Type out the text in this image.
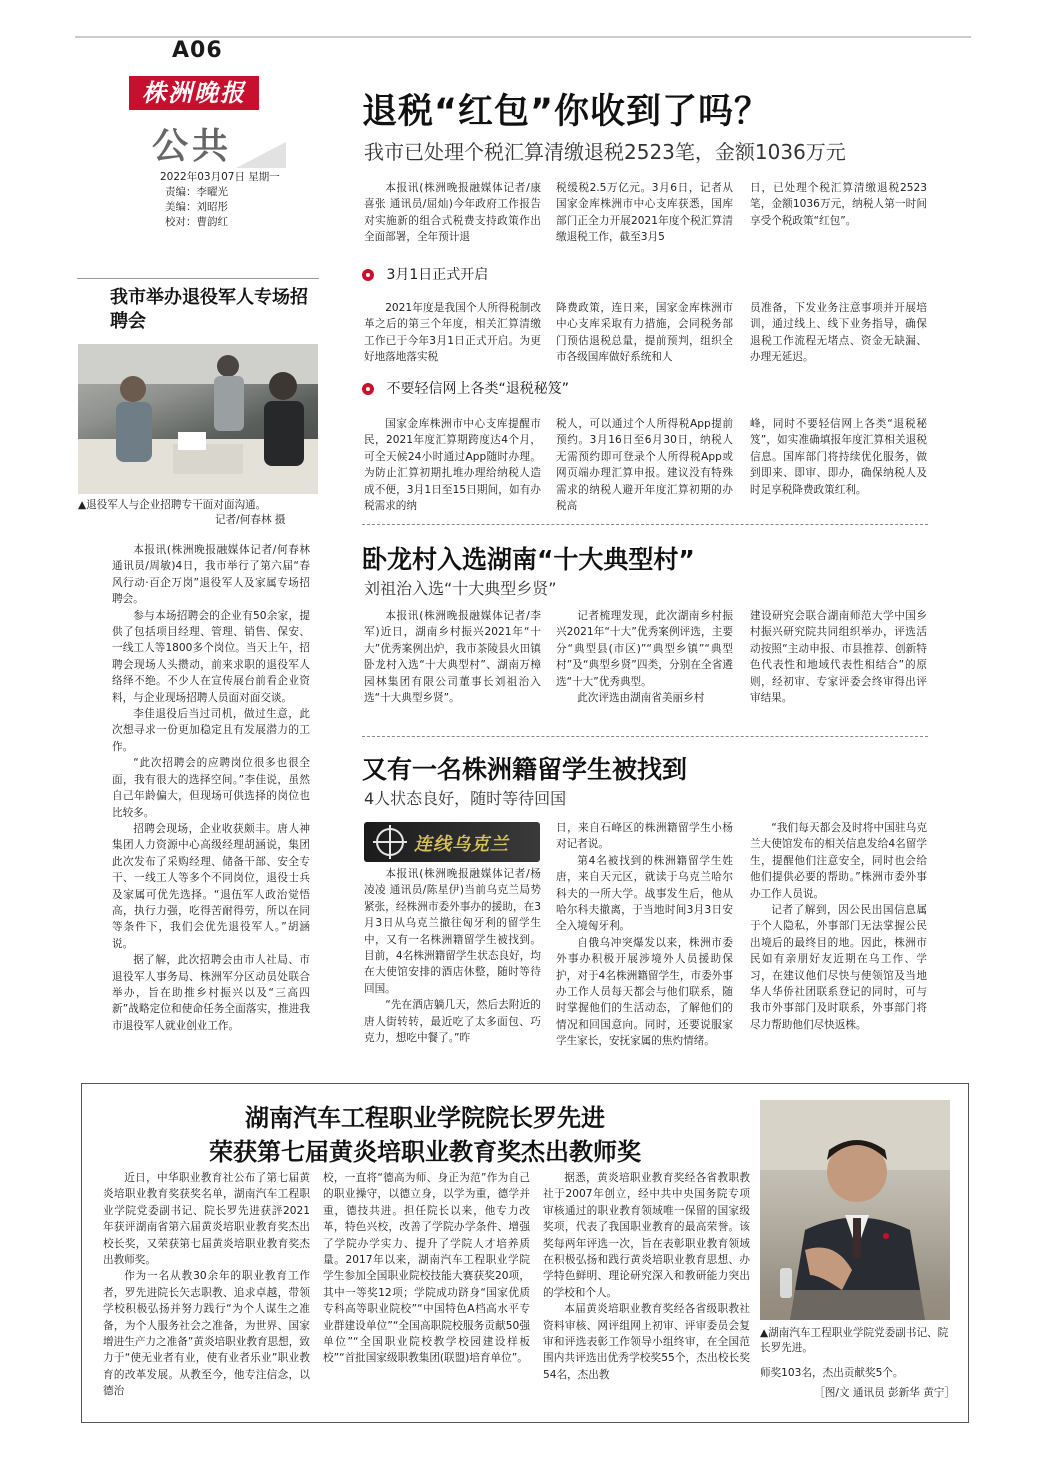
A06
株洲晚报
公共
2022年03月07日 星期一
责编：李曜光
美编：刘昭彤
校对：曹韵红
退税“红包”你收到了吗？
我市已处理个税汇算清缴退税2523笔，金额1036万元
本报讯(株洲晚报融媒体记者/康喜张 通讯员/屈灿)今年政府工作报告对实施新的组合式税费支持政策作出全面部署，全年预计退
税缓税2.5万亿元。3月6日，记者从国家金库株洲市中心支库获悉，国库部门正全力开展2021年度个税汇算清缴退税工作，截至3月5
日，已处理个税汇算清缴退税2523笔，金额1036万元，纳税人第一时间享受个税政策“红包”。
3月1日正式开启
2021年度是我国个人所得税制改革之后的第三个年度，相关汇算清缴工作已于今年3月1日正式开启。为更好地落地落实税
降费政策，连日来，国家金库株洲市中心支库采取有力措施，会同税务部门预估退税总量，提前预判，组织全市各级国库做好系统和人
员准备，下发业务注意事项并开展培训，通过线上、线下业务指导，确保退税工作流程无堵点、资金无缺漏、办理无延迟。
不要轻信网上各类“退税秘笈”
国家金库株洲市中心支库提醒市民，2021年度汇算期跨度达4个月，可全天候24小时通过App随时办理。为防止汇算初期扎堆办理给纳税人造成不便，3月1日至15日期间，如有办税需求的纳
税人，可以通过个人所得税App提前预约。3月16日至6月30日，纳税人无需预约即可登录个人所得税App或网页端办理汇算申报。建议没有特殊需求的纳税人避开年度汇算初期的办税高
峰，同时不要轻信网上各类“退税秘笈”，如实准确填报年度汇算相关退税信息。国库部门将持续优化服务，做到即来、即审、即办，确保纳税人及时足享税降费政策红利。
我市举办退役军人专场招聘会
▲退役军人与企业招聘专干面对面沟通。
记者/何春林 摄
本报讯(株洲晚报融媒体记者/何春林 通讯员/周敏)4日，我市举行了第六届“春风行动·百企万岗”退役军人及家属专场招聘会。
参与本场招聘会的企业有50余家，提供了包括项目经理、管理、销售、保安、一线工人等1800多个岗位。当天上午，招聘会现场人头攒动，前来求职的退役军人络绎不绝。不少人在宣传展台前看企业资料，与企业现场招聘人员面对面交谈。
李佳退役后当过司机，做过生意，此次想寻求一份更加稳定且有发展潜力的工作。
“此次招聘会的应聘岗位很多也很全面，我有很大的选择空间。”李佳说，虽然自己年龄偏大，但现场可供选择的岗位也比较多。
招聘会现场，企业收获颇丰。唐人神集团人力资源中心高级经理胡涵说，集团此次发布了采购经理、储备干部、安全专干、一线工人等多个不同岗位，退役士兵及家属可优先选择。“退伍军人政治觉悟高，执行力强，吃得苦耐得劳，所以在同等条件下，我们会优先退役军人。”胡涵说。
据了解，此次招聘会由市人社局、市退役军人事务局、株洲军分区动员处联合举办，旨在助推乡村振兴以及“三高四新”战略定位和使命任务全面落实，推进我市退役军人就业创业工作。
卧龙村入选湖南“十大典型村”
刘祖治入选“十大典型乡贤”
本报讯(株洲晚报融媒体记者/李军)近日，湖南乡村振兴2021年“十大”优秀案例出炉，我市茶陵县火田镇卧龙村入选“十大典型村”、湖南万樟园林集团有限公司董事长刘祖治入选“十大典型乡贤”。
记者梳理发现，此次湖南乡村振兴2021年“十大”优秀案例评选，主要分“典型县(市区)”“典型乡镇”“典型村”及“典型乡贤”四类，分别在全省遴选“十大”优秀典型。
此次评选由湖南省美丽乡村
建设研究会联合湖南师范大学中国乡村振兴研究院共同组织举办，评选活动按照“主动申报、市县推荐、创新特色代表性和地域代表性相结合”的原则，经初审、专家评委会终审得出评审结果。
又有一名株洲籍留学生被找到
4人状态良好，随时等待回国
连线乌克兰
本报讯(株洲晚报融媒体记者/杨凌凌 通讯员/陈星伊)当前乌克兰局势紧张，经株洲市委外事办的援助，在3月3日从乌克兰撤往匈牙利的留学生中，又有一名株洲籍留学生被找到。目前，4名株洲籍留学生状态良好，均在大使馆安排的酒店休整，随时等待回国。
“先在酒店躺几天，然后去附近的唐人街转转，最近吃了太多面包、巧克力，想吃中餐了。”昨
日，来自石峰区的株洲籍留学生小杨对记者说。
第4名被找到的株洲籍留学生姓唐，来自天元区，就读于乌克兰哈尔科夫的一所大学。战事发生后，他从哈尔科夫撤离，于当地时间3月3日安全入境匈牙利。
自俄乌冲突爆发以来，株洲市委外事办积极开展涉境外人员援助保护，对于4名株洲籍留学生，市委外事办工作人员每天都会与他们联系，随时掌握他们的生活动态，了解他们的情况和回国意向。同时，还要说服家学生家长，安抚家属的焦灼情绪。
“我们每天都会及时将中国驻乌克兰大使馆发布的相关信息发给4名留学生，提醒他们注意安全，同时也会给他们提供必要的帮助。”株洲市委外事办工作人员说。
记者了解到，因公民出国信息属于个人隐私，外事部门无法掌握公民出境后的最终目的地。因此，株洲市民如有亲朋好友近期在乌工作、学习，在建议他们尽快与使领馆及当地华人华侨社团联系登记的同时，可与我市外事部门及时联系，外事部门将尽力帮助他们尽快返株。
湖南汽车工程职业学院院长罗先进
荣获第七届黄炎培职业教育奖杰出教师奖
近日，中华职业教育社公布了第七届黄炎培职业教育奖获奖名单，湖南汽车工程职业学院党委副书记、院长罗先进获評2021年获评湖南省第六届黄炎培职业教育奖杰出校长奖，又荣获第七届黄炎培职业教育奖杰出教师奖。
作为一名从教30余年的职业教育工作者，罗先进院长矢志职教、追求卓越，带领学校积极弘扬并努力践行“为个人谋生之准备，为个人服务社会之准备，为世界、国家增进生产力之准备”黄炎培职业教育思想，致力于“使无业者有业，使有业者乐业”职业教育的改革发展。从教至今，他专注信念，以德治
校，一直将“德高为师、身正为范”作为自己的职业操守，以德立身，以学为重，德学并重，德技共进。担任院长以来，他专力改革，特色兴校，改善了学院办学条件、增强了学院办学实力、提升了学院人才培养质量。2017年以来，湖南汽车工程职业学院学生参加全国职业院校技能大赛获奖20项，其中一等奖12项；学院成功跻身“国家优质专科高等职业院校”“中国特色A档高水平专业群建设单位”“全国高职院校服务贡献50强单位”“全国职业院校教学校园建设样板校”“首批国家级职教集团(联盟)培育单位”。
据悉，黄炎培职业教育奖经各省教职教社于2007年创立，经中共中央国务院专项审核通过的职业教育领域唯一保留的国家级奖项，代表了我国职业教育的最高荣誉。该奖每两年评选一次，旨在表彰职业教育领域在积极弘扬和践行黄炎培职业教育思想、办学特色鲜明、理论研究深入和教研能力突出的学校和个人。
本届黄炎培职业教育奖经各省级职教社资料审核、网评组网上初审、评审委员会复审和评选表彰工作领导小组终审，在全国范围内共评选出优秀学校奖55个，杰出校长奖54名，杰出教
▲湖南汽车工程职业学院党委副书记、院长罗先进。
师奖103名，杰出贡献奖5个。
［图/文 通讯员 彭新华 黄宁］
